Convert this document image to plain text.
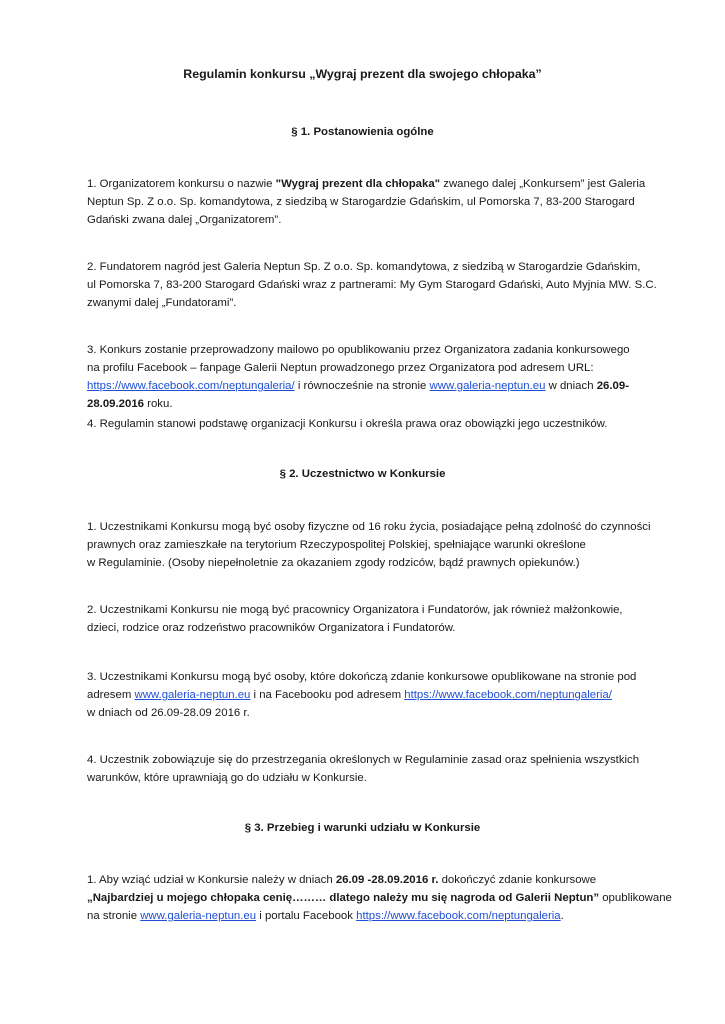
Regulamin konkursu „Wygraj prezent dla swojego chłopaka”
§ 1. Postanowienia ogólne

1. Organizatorem konkursu o nazwie "Wygraj prezent dla chłopaka" zwanego dalej „Konkursem” jest Galeria

Neptun Sp. Z o.o. Sp. komandytowa, z siedzibą w Starogardzie Gdańskim, ul Pomorska 7, 83-200 Starogard

Gdański zwana dalej „Organizatorem”.

2. Fundatorem nagród jest Galeria Neptun Sp. Z o.o. Sp. komandytowa, z siedzibą w Starogardzie Gdańskim,

ul Pomorska 7, 83-200 Starogard Gdański wraz z partnerami: My Gym Starogard Gdański, Auto Myjnia MW. S.C.

zwanymi dalej „Fundatorami”.

3. Konkurs zostanie przeprowadzony mailowo po opublikowaniu przez Organizatora zadania konkursowego

na profilu Facebook – fanpage Galerii Neptun prowadzonego przez Organizatora pod adresem URL:

https://www.facebook.com/neptungaleria/ i równocześnie na stronie www.galeria-neptun.eu w dniach 26.09-

28.09.2016 roku.

4. Regulamin stanowi podstawę organizacji Konkursu i określa prawa oraz obowiązki jego uczestników.

§ 2. Uczestnictwo w Konkursie

1. Uczestnikami Konkursu mogą być osoby fizyczne od 16 roku życia, posiadające pełną zdolność do czynności

prawnych oraz zamieszkałe na terytorium Rzeczypospolitej Polskiej, spełniające warunki określone

w Regulaminie. (Osoby niepełnoletnie za okazaniem zgody rodziców, bądź prawnych opiekunów.)

2. Uczestnikami Konkursu nie mogą być pracownicy Organizatora i Fundatorów, jak również małżonkowie,

dzieci, rodzice oraz rodzeństwo pracowników Organizatora i Fundatorów.

3. Uczestnikami Konkursu mogą być osoby, które dokończą zdanie konkursowe opublikowane na stronie pod

adresem www.galeria-neptun.eu i na Facebooku pod adresem https://www.facebook.com/neptungaleria/

w dniach od 26.09-28.09 2016 r.

4. Uczestnik zobowiązuje się do przestrzegania określonych w Regulaminie zasad oraz spełnienia wszystkich

warunków, które uprawniają go do udziału w Konkursie.

§ 3. Przebieg i warunki udziału w Konkursie

1. Aby wziąć udział w Konkursie należy w dniach 26.09 -28.09.2016 r. dokończyć zdanie konkursowe

„Najbardziej u mojego chłopaka cenię……… dlatego należy mu się nagroda od Galerii Neptun” opublikowane

na stronie www.galeria-neptun.eu i portalu Facebook https://www.facebook.com/neptungaleria.
